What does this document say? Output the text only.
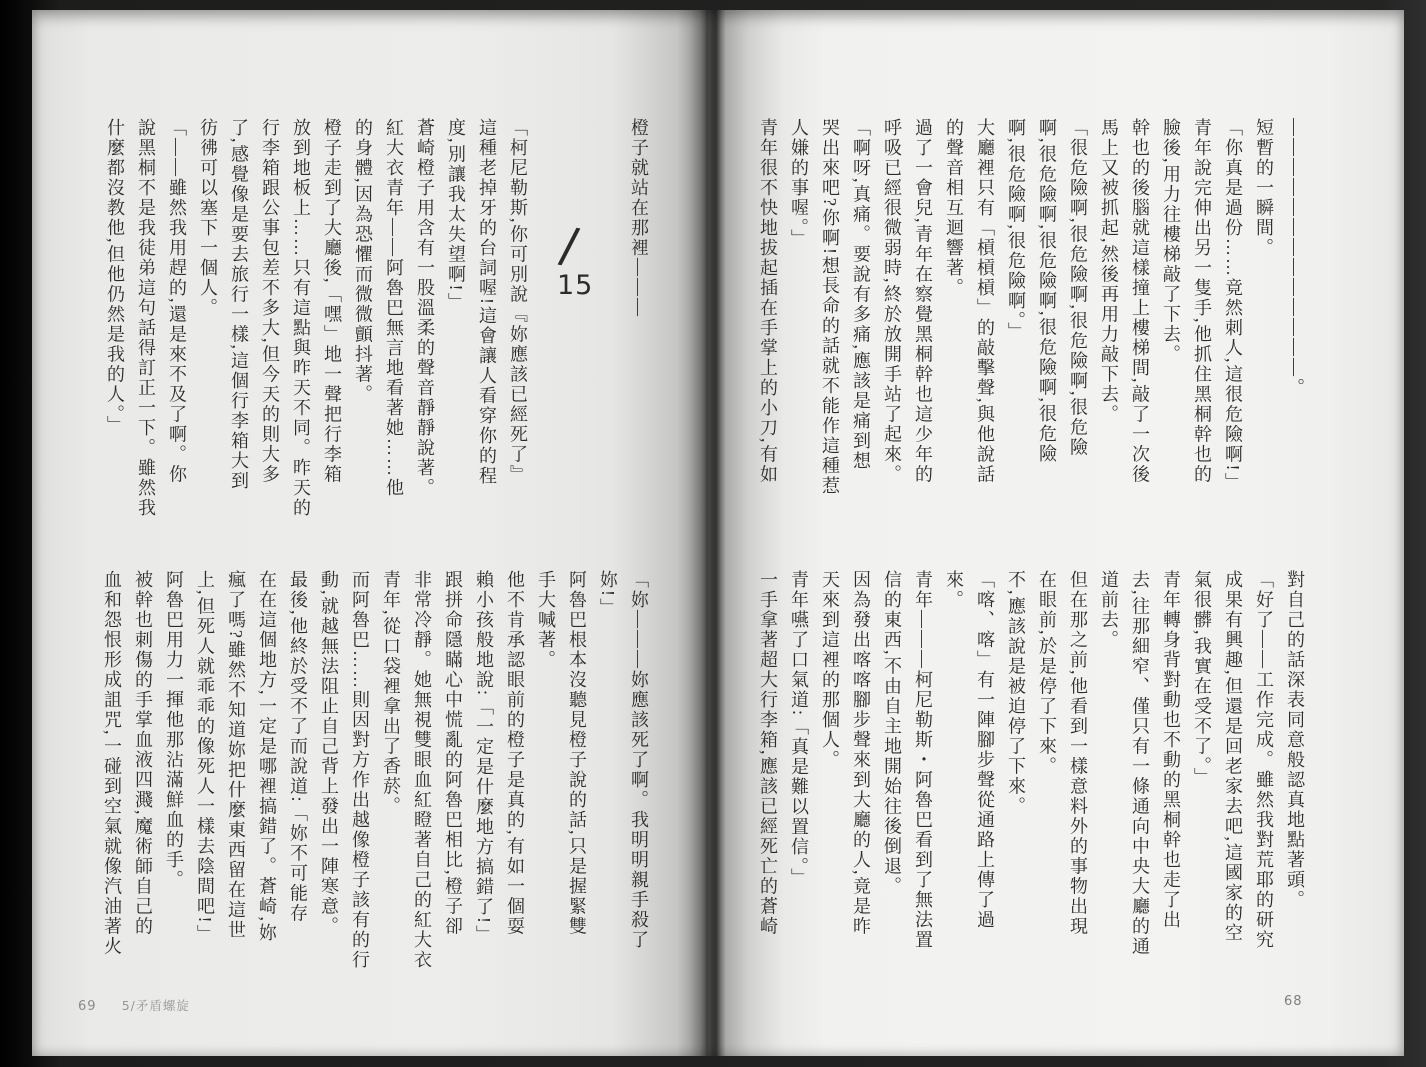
橙子就站在那裡———
/
15
「柯尼勒斯,你可別說『妳應該已經死了』
這種老掉牙的台詞喔!這會讓人看穿你的程
度,別讓我太失望啊!」
蒼崎橙子用含有一股溫柔的聲音靜靜說著。
紅大衣青年——阿魯巴無言地看著她……他
的身體,因為恐懼而微微顫抖著。
橙子走到了大廳後,「嘿」地一聲把行李箱
放到地板上……只有這點與昨天不同。昨天的
行李箱跟公事包差不多大,但今天的則大多
了,感覺像是要去旅行一樣,這個行李箱大到
彷彿可以塞下一個人。
「——雖然我用趕的,還是來不及了啊。你
說黑桐不是我徒弟這句話得訂正一下。雖然我
什麼都沒教他,但他仍然是我的人。」
「妳———妳應該死了啊。我明明親手殺了
妳!」
阿魯巴根本沒聽見橙子說的話,只是握緊雙
手大喊著。
他不肯承認眼前的橙子是真的,有如一個耍
賴小孩般地說:「一定是什麼地方搞錯了!」
跟拼命隱瞞心中慌亂的阿魯巴相比,橙子卻
非常冷靜。她無視雙眼血紅瞪著自己的紅大衣
青年,從口袋裡拿出了香菸。
而阿魯巴……則因對方作出越像橙子該有的行
動,就越無法阻止自己背上發出一陣寒意。
最後,他終於受不了而說道:「妳不可能存
在在這個地方,一定是哪裡搞錯了。蒼崎,妳
瘋了嗎?雖然不知道妳把什麼東西留在這世
上,但死人就乖乖的像死人一樣去陰間吧!」
阿魯巴用力一揮他那沾滿鮮血的手。
被幹也刺傷的手掌血液四濺,魔術師自己的
血和怨恨形成詛咒,一碰到空氣就像汽油著火
—————————————。
短暫的一瞬間。
「你真是過份……竟然刺人,這很危險啊!」
青年說完伸出另一隻手,他抓住黑桐幹也的
臉後,用力往樓梯敲了下去。
幹也的後腦就這樣撞上樓梯間,敲了一次後
馬上又被抓起,然後再用力敲下去。
「很危險啊,很危險啊,很危險啊,很危險
啊,很危險啊,很危險啊,很危險啊,很危險
啊,很危險啊,很危險啊。」
大廳裡只有「槓槓槓」的敲擊聲,與他說話
的聲音相互迴響著。
過了一會兒,青年在察覺黑桐幹也這少年的
呼吸已經很微弱時,終於放開手站了起來。
「啊呀,真痛。要說有多痛,應該是痛到想
哭出來吧?你啊!想長命的話就不能作這種惹
人嫌的事喔。」
青年很不快地拔起插在手掌上的小刀,有如
對自己的話深表同意般認真地點著頭。
「好了——工作完成。雖然我對荒耶的研究
成果有興趣,但還是回老家去吧,這國家的空
氣很髒,我實在受不了。」
青年轉身背對動也不動的黑桐幹也走了出
去,往那細窄、僅只有一條通向中央大廳的通
道前去。
但在那之前,他看到一樣意料外的事物出現
在眼前,於是停了下來。
不,應該說是被迫停了下來。
「喀、喀」有一陣腳步聲從通路上傳了過
來。
青年———柯尼勒斯・阿魯巴看到了無法置
信的東西,不由自主地開始往後倒退。
因為發出喀喀腳步聲來到大廳的人,竟是昨
天來到這裡的那個人。
青年嚥了口氣道:「真是難以置信。」
一手拿著超大行李箱,應該已經死亡的蒼崎
69 5/矛盾螺旋	68
